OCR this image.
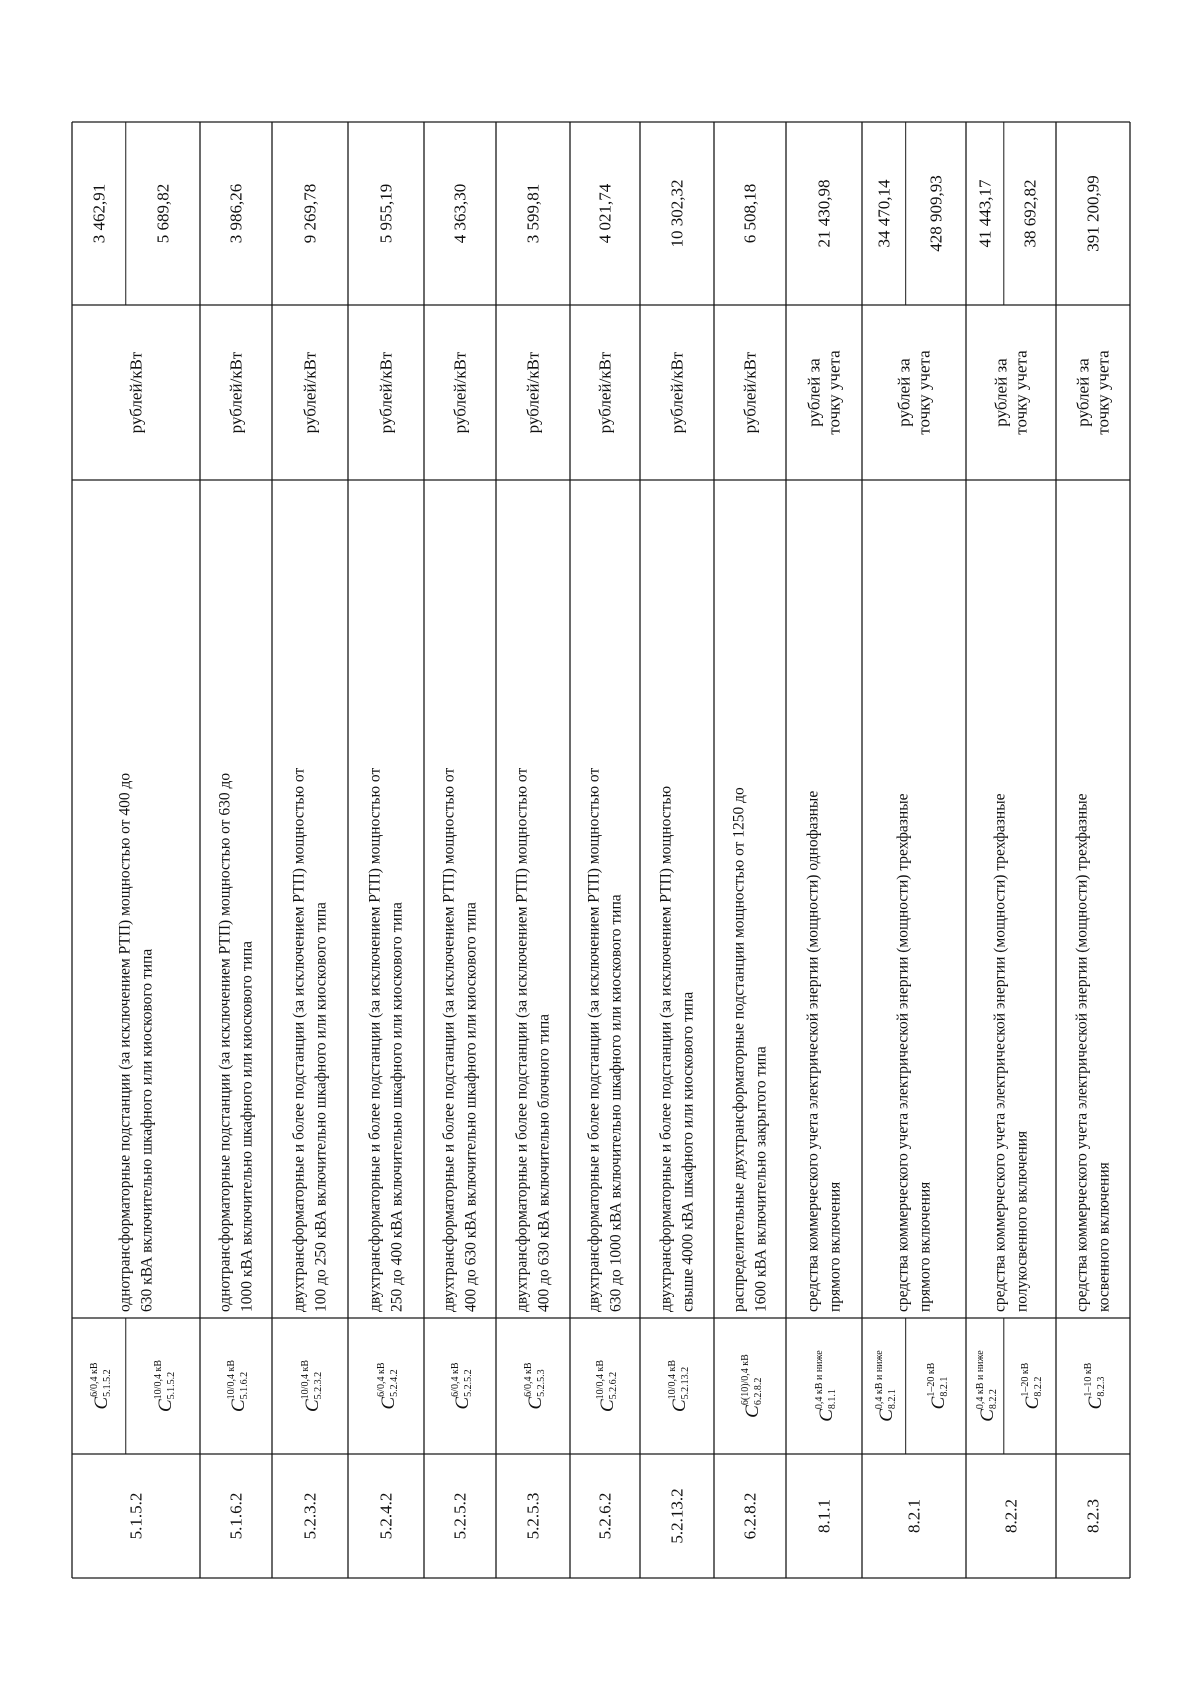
5.1.5.2
$C^{6/0,4 кВ}$ 5.1.5.2
$C^{10/0,4 кВ}$ 5.1.5.2
однотрансформаторные подстанции (за исключением РТП) мощностью от 400 до 630 кВА включительно шкафного или киоскового типа
рублей/кВт
3 462,91	5 689,82
5.1.6.2
$C^{10/0,4 кВ}$ 5.1.6.2
однотрансформаторные подстанции (за исключением РТП) мощностью от 630 до 1000 кВА включительно шкафного или киоскового типа
рублей/кВт
3 986,26
5.2.3.2
$C^{10/0,4 кВ}$ 5.2.3.2
двухтрансформаторные и более подстанции (за исключением РТП) мощностью от 100 до 250 кВА включительно шкафного или киоскового типа
рублей/кВт
9 269,78
5.2.4.2
$C^{6/0,4 кВ}$ 5.2.4.2
двухтрансформаторные и более подстанции (за исключением РТП) мощностью от 250 до 400 кВА включительно шкафного или киоскового типа
рублей/кВт
5 955,19
5.2.5.2
$C^{6/0,4 кВ}$ 5.2.5.2
двухтрансформаторные и более подстанции (за исключением РТП) мощностью от 400 до 630 кВА включительно шкафного или киоскового типа
рублей/кВт
4 363,30
5.2.5.3
$C^{6/0,4 кВ}$ 5.2.5.3
двухтрансформаторные и более подстанции (за исключением РТП) мощностью от 400 до 630 кВА включительно блочного типа
рублей/кВт
3 599,81
5.2.6.2
$C^{10/0,4 кВ}$ 5.2.6.2
двухтрансформаторные и более подстанции (за исключением РТП) мощностью от 630 до 1000 кВА включительно шкафного или киоскового типа
рублей/кВт
4 021,74
5.2.13.2
$C^{10/0,4 кВ}$ 5.2.13.2
двухтрансформаторные и более подстанции (за исключением РТП) мощностью свыше 4000 кВА шкафного или киоскового типа
рублей/кВт
10 302,32
6.2.8.2
$C^{6(10)/0,4 кВ}$ 6.2.8.2
распределительные двухтрансформаторные подстанции мощностью от 1250 до 1600 кВА включительно закрытого типа
рублей/кВт
6 508,18
8.1.1
$C^{0,4 кВ и ниже}$ 8.1.1
средства коммерческого учета электрической энергии (мощности) однофазные прямого включения
рублей за точку учета
21 430,98
8.2.1
$C^{0,4 кВ и ниже}$ 8.2.1 $C^{1-20 кВ}$ 8.2.1
средства коммерческого учета электрической энергии (мощности) трехфазные прямого включения
рублей за точку учета
34 470,14 428 909,93
8.2.2
$C^{0,4 кВ и ниже}$ 8.2.2 $C^{1-20 кВ}$ 8.2.2
средства коммерческого учета электрической энергии (мощности) трехфазные полукосвенного включения
рублей за точку учета
41 443,17 38 692,82
8.2.3
$C^{1-10 кВ}$ 8.2.3
средства коммерческого учета электрической энергии (мощности) трехфазные косвенного включения
рублей за точку учета
391 200,99
